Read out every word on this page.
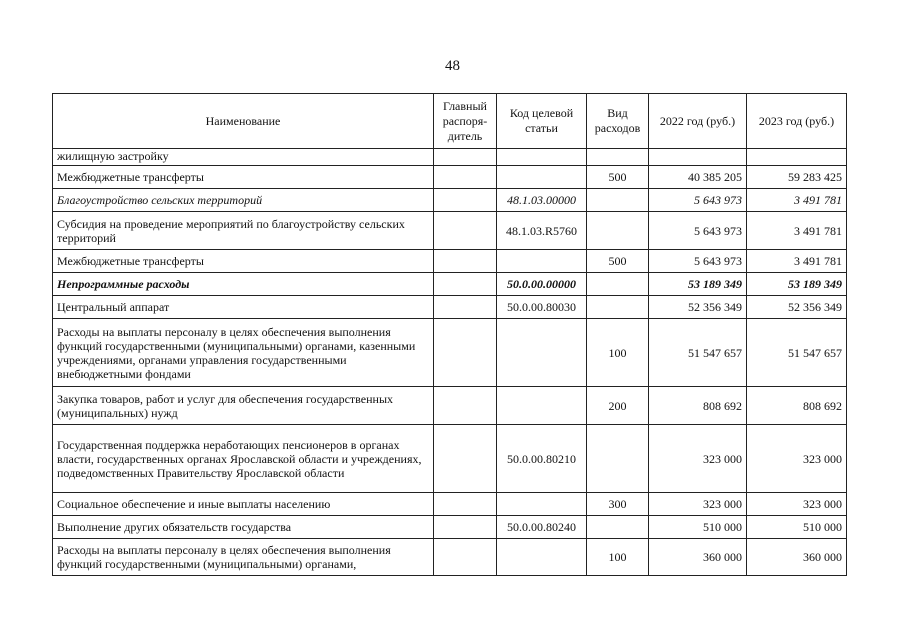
48
Наименование	Главный распоря-дитель	Код целевой статьи	Вид расходов	2022 год (руб.)	2023 год (руб.)
жилищную застройку					
Межбюджетные трансферты			500	40 385 205	59 283 425
Благоустройство сельских территорий		48.1.03.00000		5 643 973	3 491 781
Субсидия на проведение мероприятий по благоустройству сельских территорий		48.1.03.R5760		5 643 973	3 491 781
Межбюджетные трансферты			500	5 643 973	3 491 781
Непрограммные расходы		50.0.00.00000		53 189 349	53 189 349
Центральный аппарат		50.0.00.80030		52 356 349	52 356 349
Расходы на выплаты персоналу в целях обеспечения выполнения функций государственными (муниципальными) органами, казенными учреждениями, органами управления государственными внебюджетными фондами			100	51 547 657	51 547 657
Закупка товаров, работ и услуг для обеспечения государственных (муниципальных) нужд			200	808 692	808 692
Государственная поддержка неработающих пенсионеров в органах власти, государственных органах Ярославской области и учреждениях, подведомственных Правительству Ярославской области		50.0.00.80210		323 000	323 000
Социальное обеспечение и иные выплаты населению			300	323 000	323 000
Выполнение других обязательств государства		50.0.00.80240		510 000	510 000
Расходы на выплаты персоналу в целях обеспечения выполнения функций государственными (муниципальными) органами,			100	360 000	360 000
